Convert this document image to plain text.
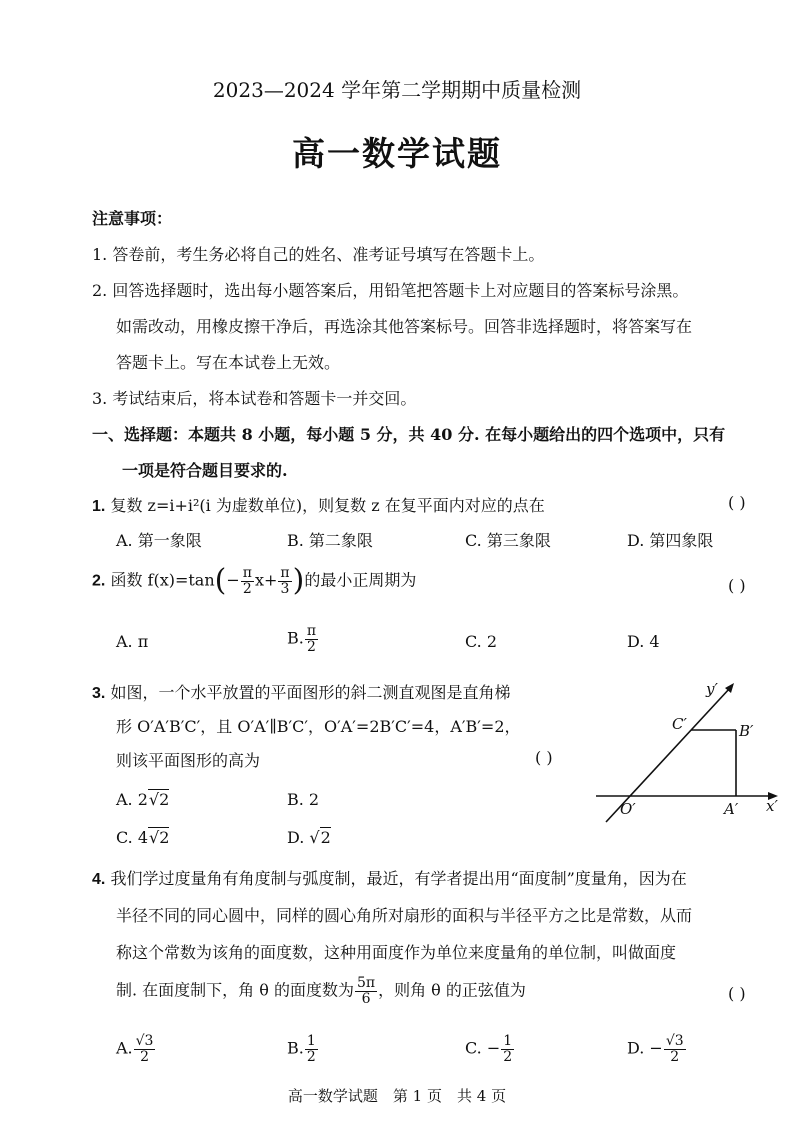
2023—2024 学年第二学期期中质量检测
高一数学试题
注意事项：
1. 答卷前，考生务必将自己的姓名、准考证号填写在答题卡上。
2. 回答选择题时，选出每小题答案后，用铅笔把答题卡上对应题目的答案标号涂黑。
如需改动，用橡皮擦干净后，再选涂其他答案标号。回答非选择题时，将答案写在
答题卡上。写在本试卷上无效。
3. 考试结束后，将本试卷和答题卡一并交回。
一、选择题：本题共 8 小题，每小题 5 分，共 40 分. 在每小题给出的四个选项中，只有
一项是符合题目要求的.
1. 复数 z=i+i²(i 为虚数单位)，则复数 z 在复平面内对应的点在	( )
A. 第一象限	B. 第二象限	C. 第三象限	D. 第四象限
2. 函数 $f(x)=\tan(- \frac{\pi}{2} x+ \frac{\pi}{3}$ )的最小正周期为	( )
A. π	B. $\frac{\pi}{2}$	C. 2	D. 4
3. 如图，一个水平放置的平面图形的斜二测直观图是直角梯
形 O′A′B′C′，且 O′A′∥B′C′，O′A′=2B′C′=4，A′B′=2，
则该平面图形的高为	( )
A. 2√2	B. 2
C. 4√2	D. √2
y′
x′
O′	A′
B′
C′
4. 我们学过度量角有角度制与弧度制，最近，有学者提出用“面度制”度量角，因为在
半径不同的同心圆中，同样的圆心角所对扇形的面积与半径平方之比是常数，从而
称这个常数为该角的面度数，这种用面度作为单位来度量角的单位制，叫做面度
制. 在面度制下，角 θ 的面度数为 $\frac{5\pi}{6}$ ，则角 θ 的正弦值为	( )
A. $\frac{√3}{2}$	B. $\frac{1}{2}$	C. − $\frac{1}{2}$	D. − $\frac{√3}{2}$
高一数学试题　第 1 页　共 4 页
